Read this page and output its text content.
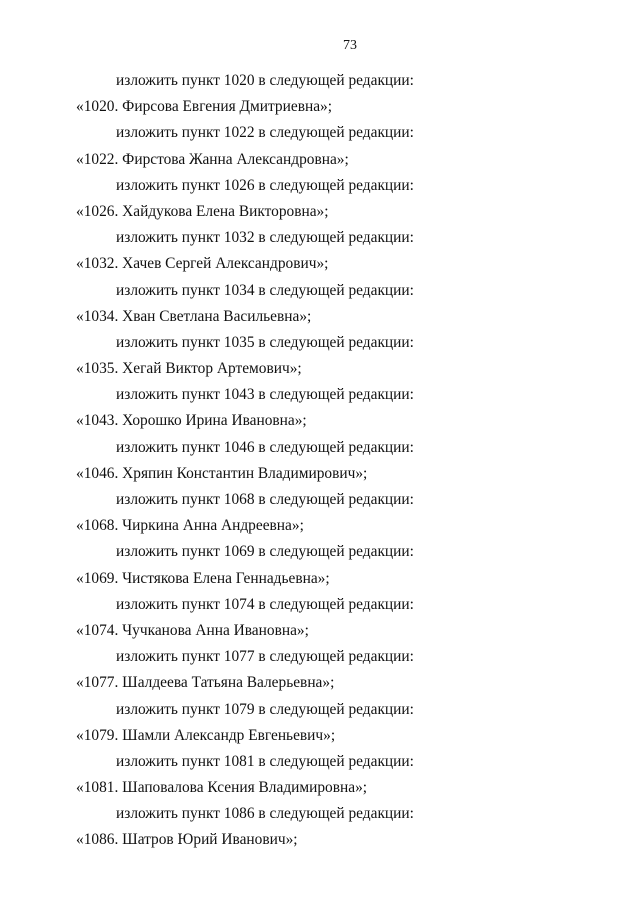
73
изложить пункт 1020 в следующей редакции:
«1020. Фирсова Евгения Дмитриевна»;
изложить пункт 1022 в следующей редакции:
«1022. Фирстова Жанна Александровна»;
изложить пункт 1026 в следующей редакции:
«1026. Хайдукова Елена Викторовна»;
изложить пункт 1032 в следующей редакции:
«1032. Хачев Сергей Александрович»;
изложить пункт 1034 в следующей редакции:
«1034. Хван Светлана Васильевна»;
изложить пункт 1035 в следующей редакции:
«1035. Хегай Виктор Артемович»;
изложить пункт 1043 в следующей редакции:
«1043. Хорошко Ирина Ивановна»;
изложить пункт 1046 в следующей редакции:
«1046. Хряпин Константин Владимирович»;
изложить пункт 1068 в следующей редакции:
«1068. Чиркина Анна Андреевна»;
изложить пункт 1069 в следующей редакции:
«1069. Чистякова Елена Геннадьевна»;
изложить пункт 1074 в следующей редакции:
«1074. Чучканова Анна Ивановна»;
изложить пункт 1077 в следующей редакции:
«1077. Шалдеева Татьяна Валерьевна»;
изложить пункт 1079 в следующей редакции:
«1079. Шамли Александр Евгеньевич»;
изложить пункт 1081 в следующей редакции:
«1081. Шаповалова Ксения Владимировна»;
изложить пункт 1086 в следующей редакции:
«1086. Шатров Юрий Иванович»;
